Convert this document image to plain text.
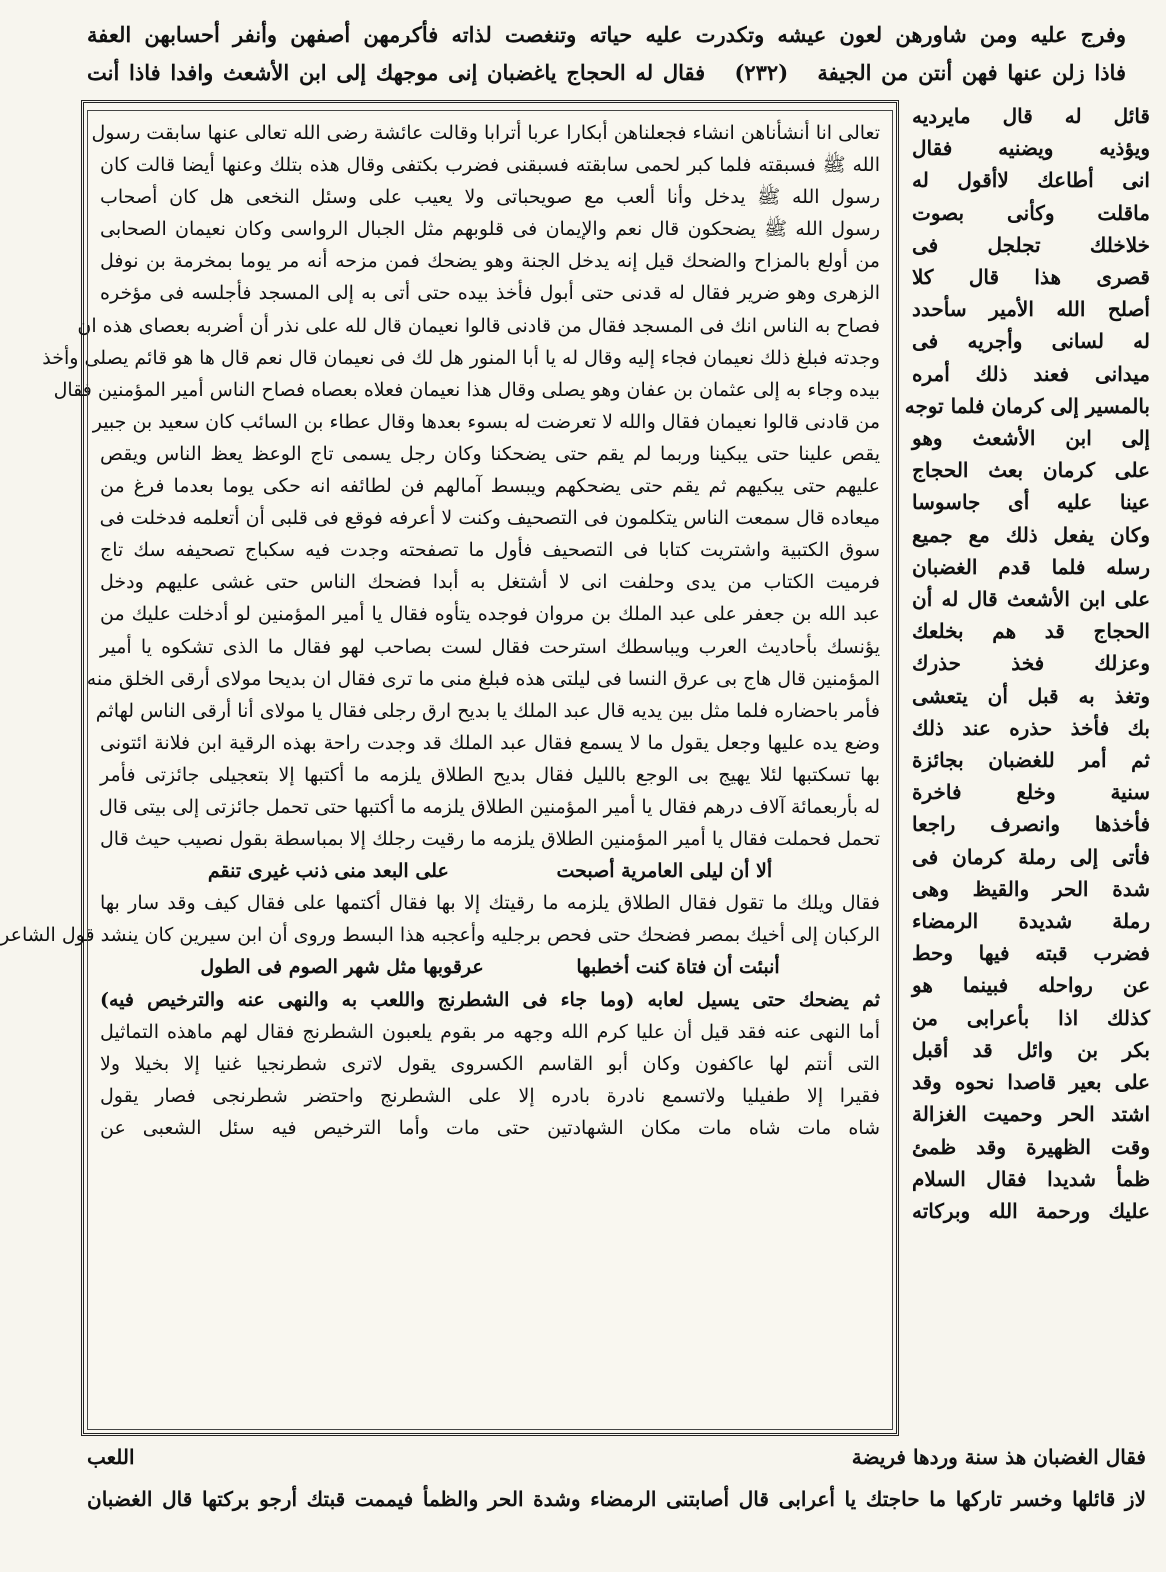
وفرج عليه ومن شاورهن لعون عيشه وتكدرت عليه حياته وتنغصت لذاته فأكرمهن أصفهن وأنفر أحسابهن العفة
فاذا زلن عنها فهن أنتن من الجيفة   (٢٣٢)   فقال له الحجاج ياغضبان إنى موجهك إلى ابن الأشعث وافدا فاذا أنت
قائل له قال مايرديه
ويؤذيه ويضنيه فقال
انى أطاعك لاأقول له
ماقلت وكأنى بصوت
خلاخلك تجلجل فى
قصرى هذا قال كلا
أصلح الله الأمير سأحدد
له لسانى وأجريه فى
ميدانى فعند ذلك أمره
بالمسير إلى كرمان فلما توجه
إلى ابن الأشعث وهو
على كرمان بعث الحجاج
عينا عليه أى جاسوسا
وكان يفعل ذلك مع جميع
رسله فلما قدم الغضبان
على ابن الأشعث قال له أن
الحجاج قد هم بخلعك
وعزلك فخذ حذرك
وتغذ به قبل أن يتعشى
بك فأخذ حذره عند ذلك
ثم أمر للغضبان بجائزة
سنية وخلع فاخرة
فأخذها وانصرف راجعا
فأتى إلى رملة كرمان فى
شدة الحر والقيظ وهى
رملة شديدة الرمضاء
فضرب قبته فيها وحط
عن رواحله فبينما هو
كذلك اذا بأعرابى من
بكر بن وائل قد أقبل
على بعير قاصدا نحوه وقد
اشتد الحر وحميت الغزالة
وقت الظهيرة وقد ظمئ
ظمأ شديدا فقال السلام
عليك ورحمة الله وبركاته
تعالى انا أنشأناهن انشاء فجعلناهن أبكارا عربا أترابا وقالت عائشة رضى الله تعالى عنها سابقت رسول
الله ﷺ فسبقته فلما كبر لحمى سابقته فسبقنى فضرب بكتفى وقال هذه بتلك وعنها أيضا قالت كان
رسول الله ﷺ يدخل وأنا ألعب مع صويحباتى ولا يعيب على وسئل النخعى هل كان أصحاب
رسول الله ﷺ يضحكون قال نعم والإيمان فى قلوبهم مثل الجبال الرواسى وكان نعيمان الصحابى
من أولع بالمزاح والضحك قيل إنه يدخل الجنة وهو يضحك فمن مزحه أنه مر يوما بمخرمة بن نوفل
الزهرى وهو ضرير فقال له قدنى حتى أبول فأخذ بيده حتى أتى به إلى المسجد فأجلسه فى مؤخره
فصاح به الناس انك فى المسجد فقال من قادنى قالوا نعيمان قال لله على نذر أن أضربه بعصاى هذه ان
وجدته فبلغ ذلك نعيمان فجاء إليه وقال له يا أبا المنور هل لك فى نعيمان قال نعم قال ها هو قائم يصلى وأخذ
بيده وجاء به إلى عثمان بن عفان وهو يصلى وقال هذا نعيمان فعلاه بعصاه فصاح الناس أمير المؤمنين فقال
من قادنى قالوا نعيمان فقال والله لا تعرضت له بسوء بعدها وقال عطاء بن السائب كان سعيد بن جبير
يقص علينا حتى يبكينا وربما لم يقم حتى يضحكنا وكان رجل يسمى تاج الوعظ يعظ الناس ويقص
عليهم حتى يبكيهم ثم يقم حتى يضحكهم ويبسط آمالهم فن لطائفه انه حكى يوما بعدما فرغ من
ميعاده قال سمعت الناس يتكلمون فى التصحيف وكنت لا أعرفه فوقع فى قلبى أن أتعلمه فدخلت فى
سوق الكتبية واشتريت كتابا فى التصحيف فأول ما تصفحته وجدت فيه سكباج تصحيفه سك تاج
فرميت الكتاب من يدى وحلفت انى لا أشتغل به أبدا فضحك الناس حتى غشى عليهم ودخل
عبد الله بن جعفر على عبد الملك بن مروان فوجده يتأوه فقال يا أمير المؤمنين لو أدخلت عليك من
يؤنسك بأحاديث العرب ويباسطك استرحت فقال لست بصاحب لهو فقال ما الذى تشكوه يا أمير
المؤمنين قال هاج بى عرق النسا فى ليلتى هذه فبلغ منى ما ترى فقال ان بديحا مولاى أرقى الخلق منه
فأمر باحضاره فلما مثل بين يديه قال عبد الملك يا بديح ارق رجلى فقال يا مولاى أنا أرقى الناس لهاثم
وضع يده عليها وجعل يقول ما لا يسمع فقال عبد الملك قد وجدت راحة بهذه الرقية ابن فلانة ائتونى
بها تسكتبها لئلا يهيج بى الوجع بالليل فقال بديح الطلاق يلزمه ما أكتبها إلا بتعجيلى جائزتى فأمر
له بأربعمائة آلاف درهم فقال يا أمير المؤمنين الطلاق يلزمه ما أكتبها حتى تحمل جائزتى إلى بيتى قال
تحمل فحملت فقال يا أمير المؤمنين الطلاق يلزمه ما رقيت رجلك إلا بمباسطة بقول نصيب حيث قال
ألا أن ليلى العامرية أصبحت
على البعد منى ذنب غيرى تنقم
فقال ويلك ما تقول فقال الطلاق يلزمه ما رقيتك إلا بها فقال أكتمها على فقال كيف وقد سار بها
الركبان إلى أخيك بمصر فضحك حتى فحص برجليه وأعجبه هذا البسط وروى أن ابن سيرين كان ينشد قول الشاعر
أنبئت أن فتاة كنت أخطبها
عرقوبها مثل شهر الصوم فى الطول
ثم يضحك حتى يسيل لعابه (وما جاء فى الشطرنج واللعب به والنهى عنه والترخيص فيه)
أما النهى عنه فقد قيل أن عليا كرم الله وجهه مر بقوم يلعبون الشطرنج فقال لهم ماهذه التماثيل
التى أنتم لها عاكفون وكان أبو القاسم الكسروى يقول لاترى شطرنجيا غنيا إلا بخيلا ولا
فقيرا إلا طفيليا ولاتسمع نادرة بادره إلا على الشطرنج واحتضر شطرنجى فصار يقول
شاه مات شاه مات مكان الشهادتين حتى مات وأما الترخيص فيه سئل الشعبى عن
فقال الغضبان هذ سنة وردها فريضة
اللعب
لاز قائلها وخسر تاركها ما حاجتك يا أعرابى قال أصابتنى الرمضاء وشدة الحر والظمأ فيممت قبتك أرجو بركتها قال الغضبان
